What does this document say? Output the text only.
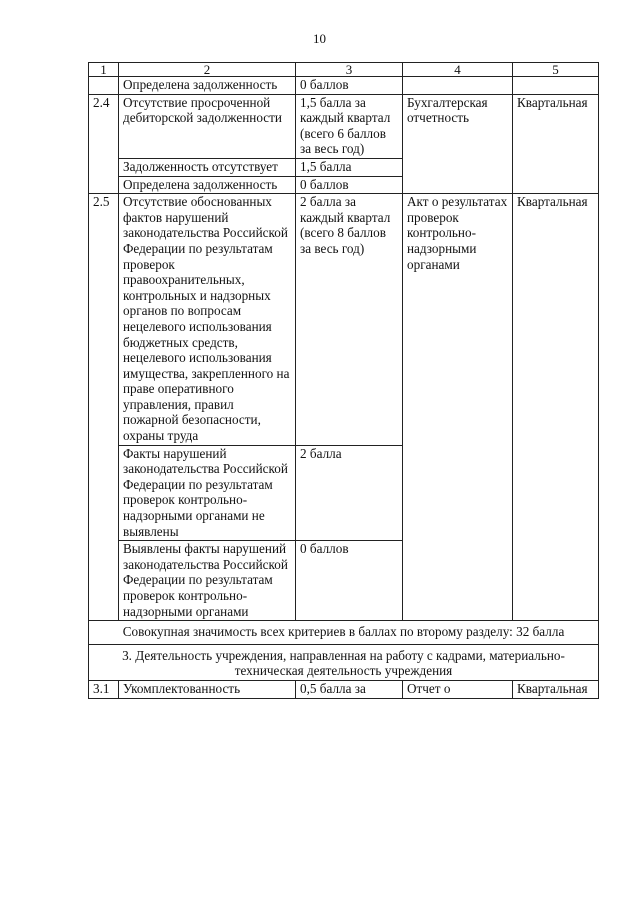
10
1	2	3	4	5
	Определена задолженность	0 баллов		
2.4	Отсутствие просроченной дебиторской задолженности	1,5 балла за каждый квартал (всего 6 баллов за весь год)	Бухгалтерская отчетность	Квартальная
	Задолженность отсутствует	1,5 балла		
	Определена задолженность	0 баллов		
2.5	Отсутствие обоснованных фактов нарушений законодательства Российской Федерации по результатам проверок правоохранительных, контрольных и надзорных органов по вопросам нецелевого использования бюджетных средств, нецелевого использования имущества, закрепленного на праве оперативного управления, правил пожарной безопасности, охраны труда	2 балла за каждый квартал (всего 8 баллов за весь год)	Акт о результатах проверок контрольно-надзорными органами	Квартальная
	Факты нарушений законодательства Российской Федерации по результатам проверок контрольно-надзорными органами не выявлены	2 балла		
	Выявлены факты нарушений законодательства Российской Федерации по результатам проверок контрольно-надзорными органами	0 баллов		
Совокупная значимость всех критериев в баллах по второму разделу: 32 балла				
3. Деятельность учреждения, направленная на работу с кадрами, материально-техническая деятельность учреждения				
3.1	Укомплектованность	0,5 балла за	Отчет о	Квартальная
